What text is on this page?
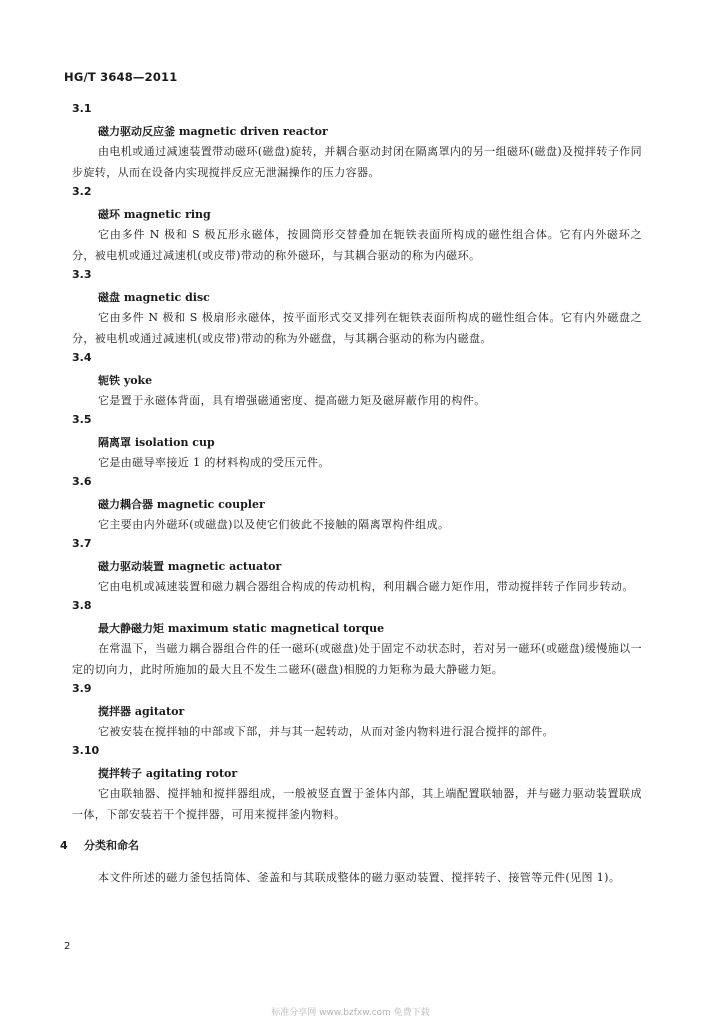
HG/T 3648—2011
3.1
磁力驱动反应釜 magnetic driven reactor
由电机或通过减速装置带动磁环(磁盘)旋转，并耦合驱动封闭在隔离罩内的另一组磁环(磁盘)及搅拌转子作同步旋转，从而在设备内实现搅拌反应无泄漏操作的压力容器。
3.2
磁环 magnetic ring
它由多件 N 极和 S 极瓦形永磁体，按圆筒形交替叠加在轭铁表面所构成的磁性组合体。它有内外磁环之分，被电机或通过减速机(或皮带)带动的称外磁环，与其耦合驱动的称为内磁环。
3.3
磁盘 magnetic disc
它由多件 N 极和 S 极扇形永磁体，按平面形式交叉排列在轭铁表面所构成的磁性组合体。它有内外磁盘之分，被电机或通过减速机(或皮带)带动的称为外磁盘，与其耦合驱动的称为内磁盘。
3.4
轭铁 yoke
它是置于永磁体背面，具有增强磁通密度、提高磁力矩及磁屏蔽作用的构件。
3.5
隔离罩 isolation cup
它是由磁导率接近 1 的材料构成的受压元件。
3.6
磁力耦合器 magnetic coupler
它主要由内外磁环(或磁盘)以及使它们彼此不接触的隔离罩构件组成。
3.7
磁力驱动装置 magnetic actuator
它由电机或减速装置和磁力耦合器组合构成的传动机构，利用耦合磁力矩作用，带动搅拌转子作同步转动。
3.8
最大静磁力矩 maximum static magnetical torque
在常温下，当磁力耦合器组合件的任一磁环(或磁盘)处于固定不动状态时，若对另一磁环(或磁盘)缓慢施以一定的切向力，此时所施加的最大且不发生二磁环(磁盘)相脱的力矩称为最大静磁力矩。
3.9
搅拌器 agitator
它被安装在搅拌轴的中部或下部，并与其一起转动，从而对釜内物料进行混合搅拌的部件。
3.10
搅拌转子 agitating rotor
它由联轴器、搅拌轴和搅拌器组成，一般被竖直置于釜体内部，其上端配置联轴器，并与磁力驱动装置联成一体，下部安装若干个搅拌器，可用来搅拌釜内物料。
4 分类和命名
本文件所述的磁力釜包括筒体、釜盖和与其联成整体的磁力驱动装置、搅拌转子、接管等元件(见图 1)。
2
标准分享网 www.bzfxw.com 免费下载
